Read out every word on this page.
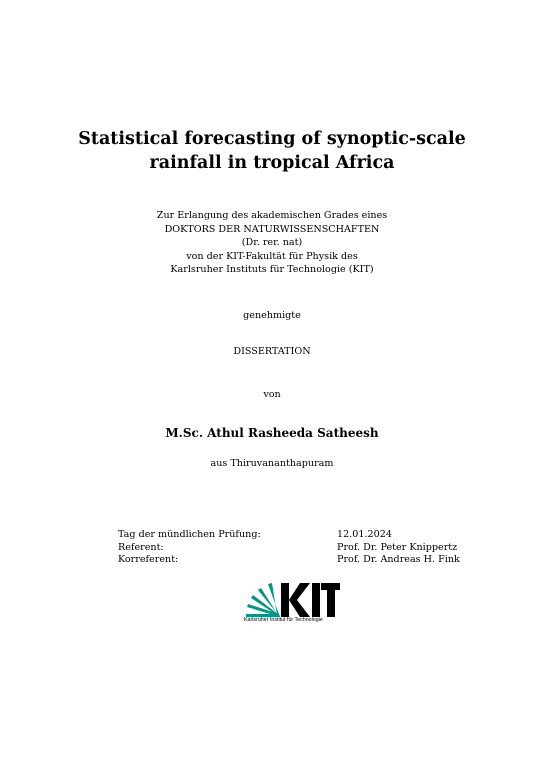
Statistical forecasting of synoptic-scale
rainfall in tropical Africa
Zur Erlangung des akademischen Grades eines
DOKTORS DER NATURWISSENSCHAFTEN
(Dr. rer. nat)
von der KIT-Fakultät für Physik des
Karlsruher Instituts für Technologie (KIT)
genehmigte
DISSERTATION
von
M.Sc. Athul Rasheeda Satheesh
aus Thiruvananthapuram
Tag der mündlichen Prüfung:	12.01.2024
Referent:	Prof. Dr. Peter Knippertz
Korreferent:	Prof. Dr. Andreas H. Fink
Karlsruher Institut für Technologie
